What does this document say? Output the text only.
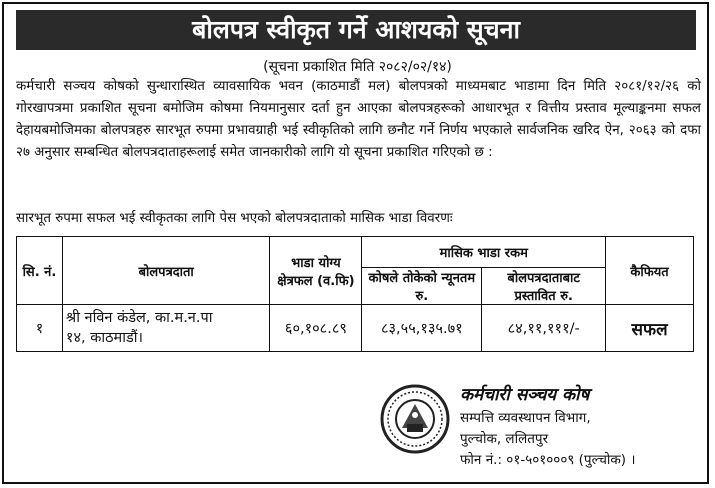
बोलपत्र स्वीकृत गर्ने आशयको सूचना
(सूचना प्रकाशित मिति २०८२/०२/१४)

कर्मचारी सञ्चय कोषको सुन्धारास्थित व्यावसायिक भवन (काठमाडौं मल) बोलपत्रको माध्यमबाट भाडामा दिन मिति २०८१/१२/२६ को गोरखापत्रमा प्रकाशित सूचना बमोजिम कोषमा नियमानुसार दर्ता हुन आएका बोलपत्रहरूको आधारभूत र वित्तीय प्रस्ताव मूल्याङ्कनमा सफल देहायबमोजिमका बोलपत्रहरु सारभूत रुपमा प्रभावग्राही भई स्वीकृतिको लागि छनौट गर्ने निर्णय भएकाले सार्वजनिक खरिद ऐन, २०६३ को दफा २७ अनुसार सम्बन्धित बोलपत्रदाताहरूलाई समेत जानकारीको लागि यो सूचना प्रकाशित गरिएको छ :

सारभूत रुपमा सफल भई स्वीकृतका लागि पेस भएको बोलपत्रदाताको मासिक भाडा विवरणः
सि. नं.	बोलपत्रदाता	भाडा योग्य क्षेत्रफल (व.फि)	मासिक भाडा रकम		कैफियत
			कोषले तोकेको न्यूनतम रु.	बोलपत्रदाताबाट प्रस्तावित रु.	
१	श्री नविन कंडेल, का.म.न.पा
१४, काठमाडौं।	६०,१०८.८९	८३,५५,१३५.७१	८४,११,१११/-	सफल

कर्मचारी सञ्चय कोष

सम्पत्ति व्यवस्थापन विभाग,

पुल्चोक, ललितपुर

फोन नं.: ०१-५०१०००९ (पुल्चोक) ।
